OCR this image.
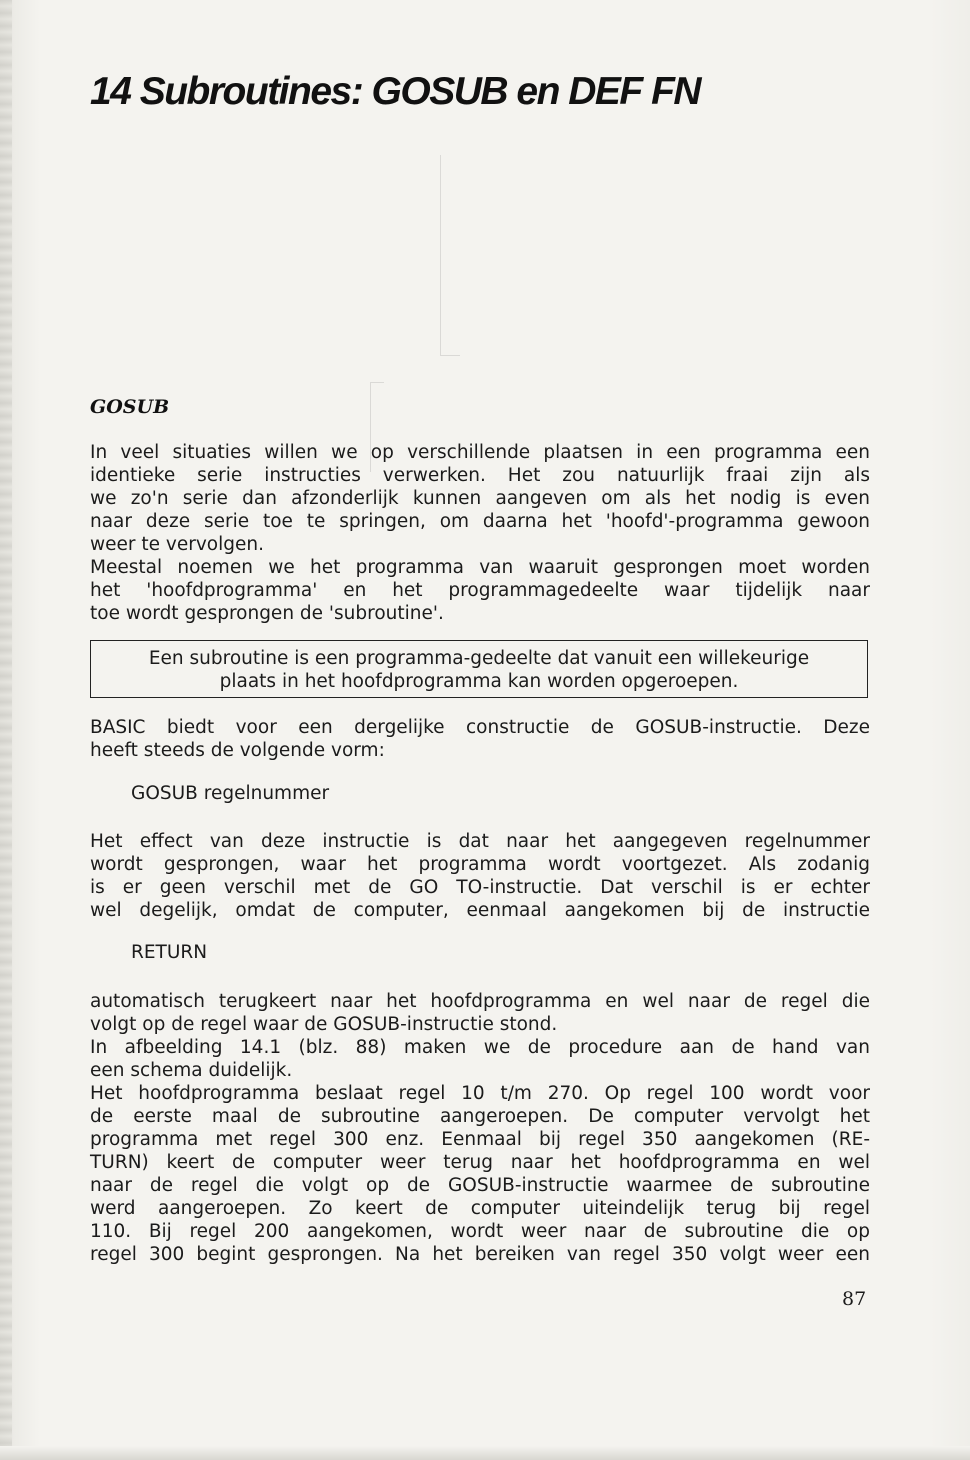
14 Subroutines: GOSUB en DEF FN
GOSUB

In veel situaties willen we op verschillende plaatsen in een programma een
identieke serie instructies verwerken. Het zou natuurlijk fraai zijn als
we zo'n serie dan afzonderlijk kunnen aangeven om als het nodig is even
naar deze serie toe te springen, om daarna het 'hoofd'-programma gewoon
weer te vervolgen.

Meestal noemen we het programma van waaruit gesprongen moet worden
het 'hoofdprogramma' en het programmagedeelte waar tijdelijk naar
toe wordt gesprongen de 'subroutine'.

Een subroutine is een programma-gedeelte dat vanuit een willekeurige
plaats in het hoofdprogramma kan worden opgeroepen.

BASIC biedt voor een dergelijke constructie de GOSUB-instructie. Deze
heeft steeds de volgende vorm:

GOSUB regelnummer

Het effect van deze instructie is dat naar het aangegeven regelnummer
wordt gesprongen, waar het programma wordt voortgezet. Als zodanig
is er geen verschil met de GO TO-instructie. Dat verschil is er echter
wel degelijk, omdat de computer, eenmaal aangekomen bij de instructie

RETURN

automatisch terugkeert naar het hoofdprogramma en wel naar de regel die
volgt op de regel waar de GOSUB-instructie stond.

In afbeelding 14.1 (blz. 88) maken we de procedure aan de hand van
een schema duidelijk.

Het hoofdprogramma beslaat regel 10 t/m 270. Op regel 100 wordt voor
de eerste maal de subroutine aangeroepen. De computer vervolgt het
programma met regel 300 enz. Eenmaal bij regel 350 aangekomen (RE-
TURN) keert de computer weer terug naar het hoofdprogramma en wel
naar de regel die volgt op de GOSUB-instructie waarmee de subroutine
werd aangeroepen. Zo keert de computer uiteindelijk terug bij regel
110. Bij regel 200 aangekomen, wordt weer naar de subroutine die op
regel 300 begint gesprongen. Na het bereiken van regel 350 volgt weer een

87
